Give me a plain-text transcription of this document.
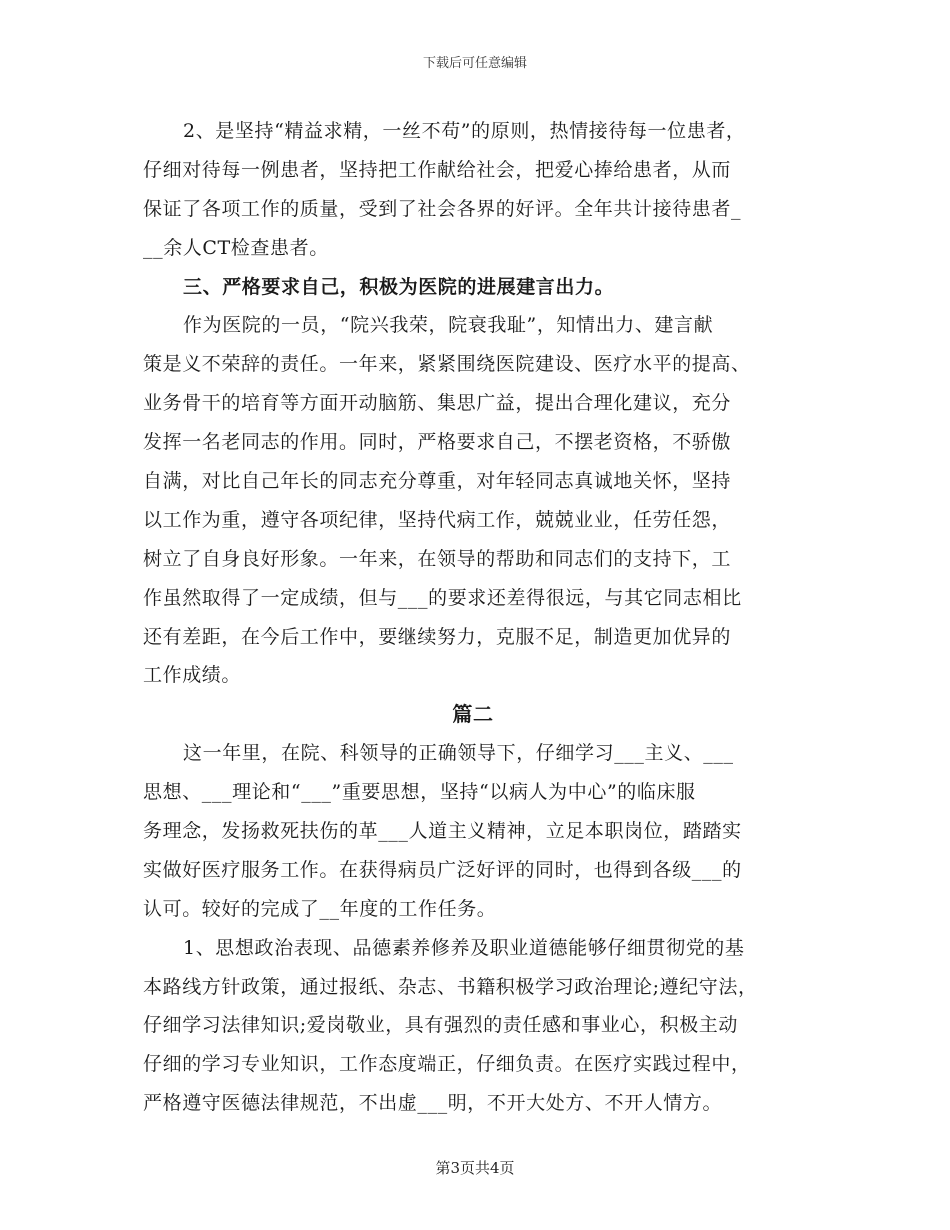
下载后可任意编辑
2、是坚持“精益求精，一丝不苟”的原则，热情接待每一位患者，
仔细对待每一例患者，坚持把工作献给社会，把爱心捧给患者，从而
保证了各项工作的质量，受到了社会各界的好评。全年共计接待患者_
__余人CT检查患者。
三、严格要求自己，积极为医院的进展建言出力。
作为医院的一员，“院兴我荣，院衰我耻”，知情出力、建言献
策是义不荣辞的责任。一年来，紧紧围绕医院建设、医疗水平的提高、
业务骨干的培育等方面开动脑筋、集思广益，提出合理化建议，充分
发挥一名老同志的作用。同时，严格要求自己，不摆老资格，不骄傲
自满，对比自己年长的同志充分尊重，对年轻同志真诚地关怀，坚持
以工作为重，遵守各项纪律，坚持代病工作，兢兢业业，任劳任怨，
树立了自身良好形象。一年来，在领导的帮助和同志们的支持下，工
作虽然取得了一定成绩，但与___的要求还差得很远，与其它同志相比
还有差距，在今后工作中，要继续努力，克服不足，制造更加优异的
工作成绩。
篇二
这一年里，在院、科领导的正确领导下，仔细学习___主义、___
思想、___理论和“___”重要思想，坚持“以病人为中心”的临床服
务理念，发扬救死扶伤的革___人道主义精神，立足本职岗位，踏踏实
实做好医疗服务工作。在获得病员广泛好评的同时，也得到各级___的
认可。较好的完成了__年度的工作任务。
1、思想政治表现、品德素养修养及职业道德能够仔细贯彻党的基
本路线方针政策，通过报纸、杂志、书籍积极学习政治理论;遵纪守法，
仔细学习法律知识;爱岗敬业，具有强烈的责任感和事业心，积极主动
仔细的学习专业知识，工作态度端正，仔细负责。在医疗实践过程中，
严格遵守医德法律规范，不出虚___明，不开大处方、不开人情方。
第3页共4页
